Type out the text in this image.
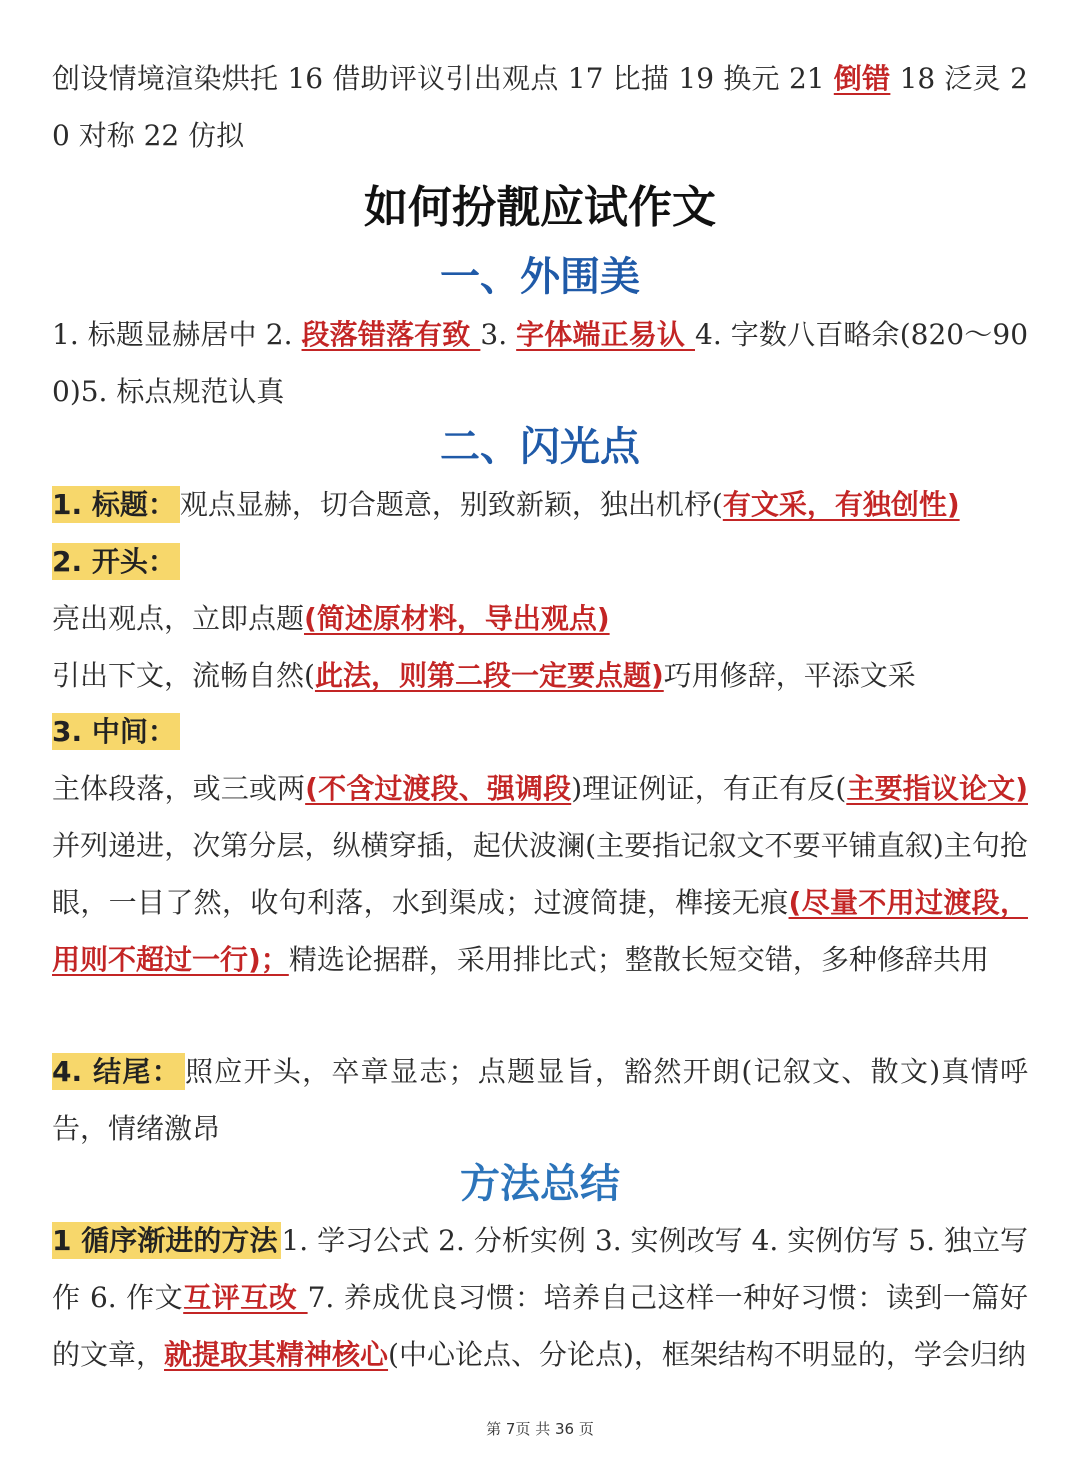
创设情境渲染烘托 16 借助评议引出观点 17 比描 19 换元 21 倒错 18 泛灵 20 对称 22 仿拟

如何扮靓应试作文
一、外围美

1. 标题显赫居中 2. 段落错落有致 3. 字体端正易认 4. 字数八百略余(820～900)5. 标点规范认真

二、闪光点

1. 标题： 观点显赫，切合题意，别致新颖，独出机杼(有文采，有独创性)

2. 开头：

亮出观点，立即点题(简述原材料，导出观点)

引出下文，流畅自然(此法，则第二段一定要点题)巧用修辞，平添文采

3. 中间：

主体段落，或三或两(不含过渡段、强调段)理证例证，有正有反(主要指议论文)并列递进，次第分层，纵横穿插，起伏波澜(主要指记叙文不要平铺直叙)主句抢眼，一目了然，收句利落，水到渠成；过渡简捷，榫接无痕(尽量不用过渡段，用则不超过一行)；精选论据群，采用排比式；整散长短交错，多种修辞共用

4. 结尾： 照应开头，卒章显志；点题显旨，豁然开朗(记叙文、散文)真情呼告，情绪激昂

方法总结

1 循序渐进的方法 1. 学习公式 2. 分析实例 3. 实例改写 4. 实例仿写 5. 独立写作 6. 作文互评互改 7. 养成优良习惯：培养自己这样一种好习惯：读到一篇好的文章，就提取其精神核心(中心论点、分论点)，框架结构不明显的，学会归纳

第 7页 共 36 页
